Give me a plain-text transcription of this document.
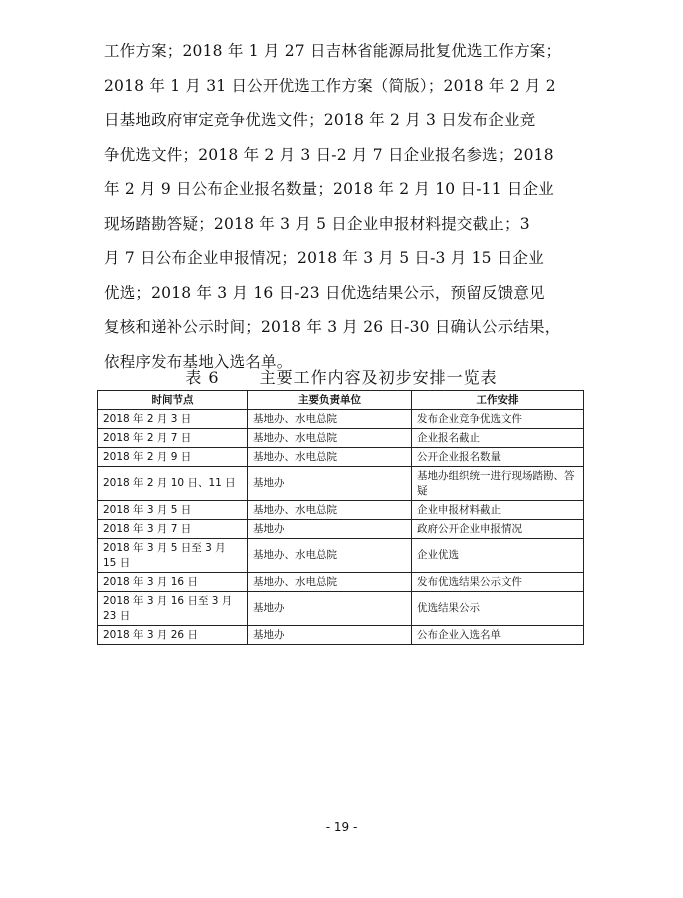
工作方案；2018 年 1 月 27 日吉林省能源局批复优选工作方案；
2018 年 1 月 31 日公开优选工作方案（简版）；2018 年 2 月 2
日基地政府审定竞争优选文件；2018 年 2 月 3 日发布企业竞
争优选文件；2018 年 2 月 3 日-2 月 7 日企业报名参选；2018
年 2 月 9 日公布企业报名数量；2018 年 2 月 10 日-11 日企业
现场踏勘答疑；2018 年 3 月 5 日企业申报材料提交截止；3
月 7 日公布企业申报情况；2018 年 3 月 5 日-3 月 15 日企业
优选；2018 年 3 月 16 日-23 日优选结果公示，预留反馈意见
复核和递补公示时间；2018 年 3 月 26 日-30 日确认公示结果，
依程序发布基地入选名单。
表 6	主要工作内容及初步安排一览表
时间节点	主要负责单位	工作安排
2018 年 2 月 3 日	基地办、水电总院	发布企业竞争优选文件
2018 年 2 月 7 日	基地办、水电总院	企业报名截止
2018 年 2 月 9 日	基地办、水电总院	公开企业报名数量
2018 年 2 月 10 日、11 日	基地办	基地办组织统一进行现场踏勘、答疑
2018 年 3 月 5 日	基地办、水电总院	企业申报材料截止
2018 年 3 月 7 日	基地办	政府公开企业申报情况
2018 年 3 月 5 日至 3 月 15 日	基地办、水电总院	企业优选
2018 年 3 月 16 日	基地办、水电总院	发布优选结果公示文件
2018 年 3 月 16 日至 3 月 23 日	基地办	优选结果公示
2018 年 3 月 26 日	基地办	公布企业入选名单
- 19 -
